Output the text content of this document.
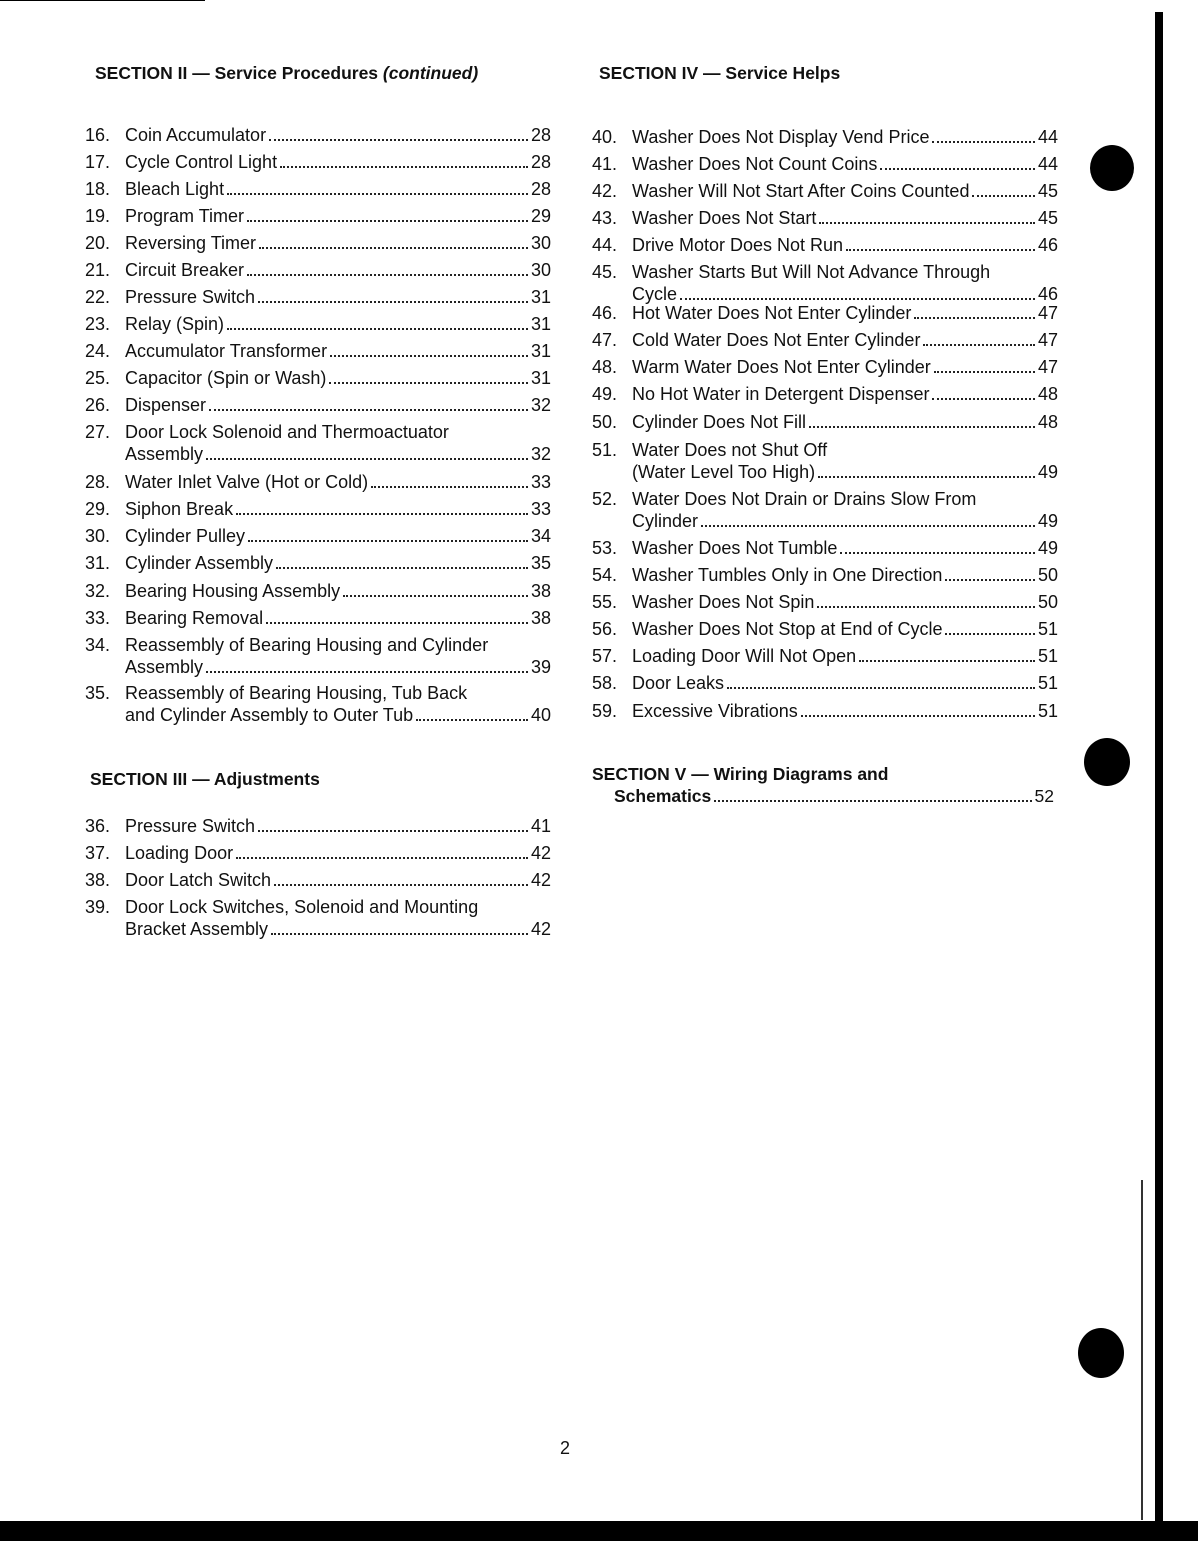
SECTION II — Service Procedures (continued)
16. Coin Accumulator	28
17. Cycle Control Light	28
18. Bleach Light	28
19. Program Timer	29
20. Reversing Timer	30
21. Circuit Breaker	30
22. Pressure Switch	31
23. Relay (Spin)	31
24. Accumulator Transformer	31
25. Capacitor (Spin or Wash)	31
26. Dispenser	32
27. Door Lock Solenoid and Thermoactuator
Assembly	32
28. Water Inlet Valve (Hot or Cold)	33
29. Siphon Break	33
30. Cylinder Pulley	34
31. Cylinder Assembly	35
32. Bearing Housing Assembly	38
33. Bearing Removal	38
34. Reassembly of Bearing Housing and Cylinder
Assembly	39
35. Reassembly of Bearing Housing, Tub Back
and Cylinder Assembly to Outer Tub	40
SECTION III — Adjustments
36. Pressure Switch	41
37. Loading Door	42
38. Door Latch Switch	42
39. Door Lock Switches, Solenoid and Mounting
Bracket Assembly	42
SECTION IV — Service Helps
40. Washer Does Not Display Vend Price	44
41. Washer Does Not Count Coins	44
42. Washer Will Not Start After Coins Counted	45
43. Washer Does Not Start	45
44. Drive Motor Does Not Run	46
45. Washer Starts But Will Not Advance Through
Cycle	46
46. Hot Water Does Not Enter Cylinder	47
47. Cold Water Does Not Enter Cylinder	47
48. Warm Water Does Not Enter Cylinder	47
49. No Hot Water in Detergent Dispenser	48
50. Cylinder Does Not Fill	48
51. Water Does not Shut Off
(Water Level Too High)	49
52. Water Does Not Drain or Drains Slow From
Cylinder	49
53. Washer Does Not Tumble	49
54. Washer Tumbles Only in One Direction	50
55. Washer Does Not Spin	50
56. Washer Does Not Stop at End of Cycle	51
57. Loading Door Will Not Open	51
58. Door Leaks	51
59. Excessive Vibrations	51
SECTION V — Wiring Diagrams and
Schematics	52
2
